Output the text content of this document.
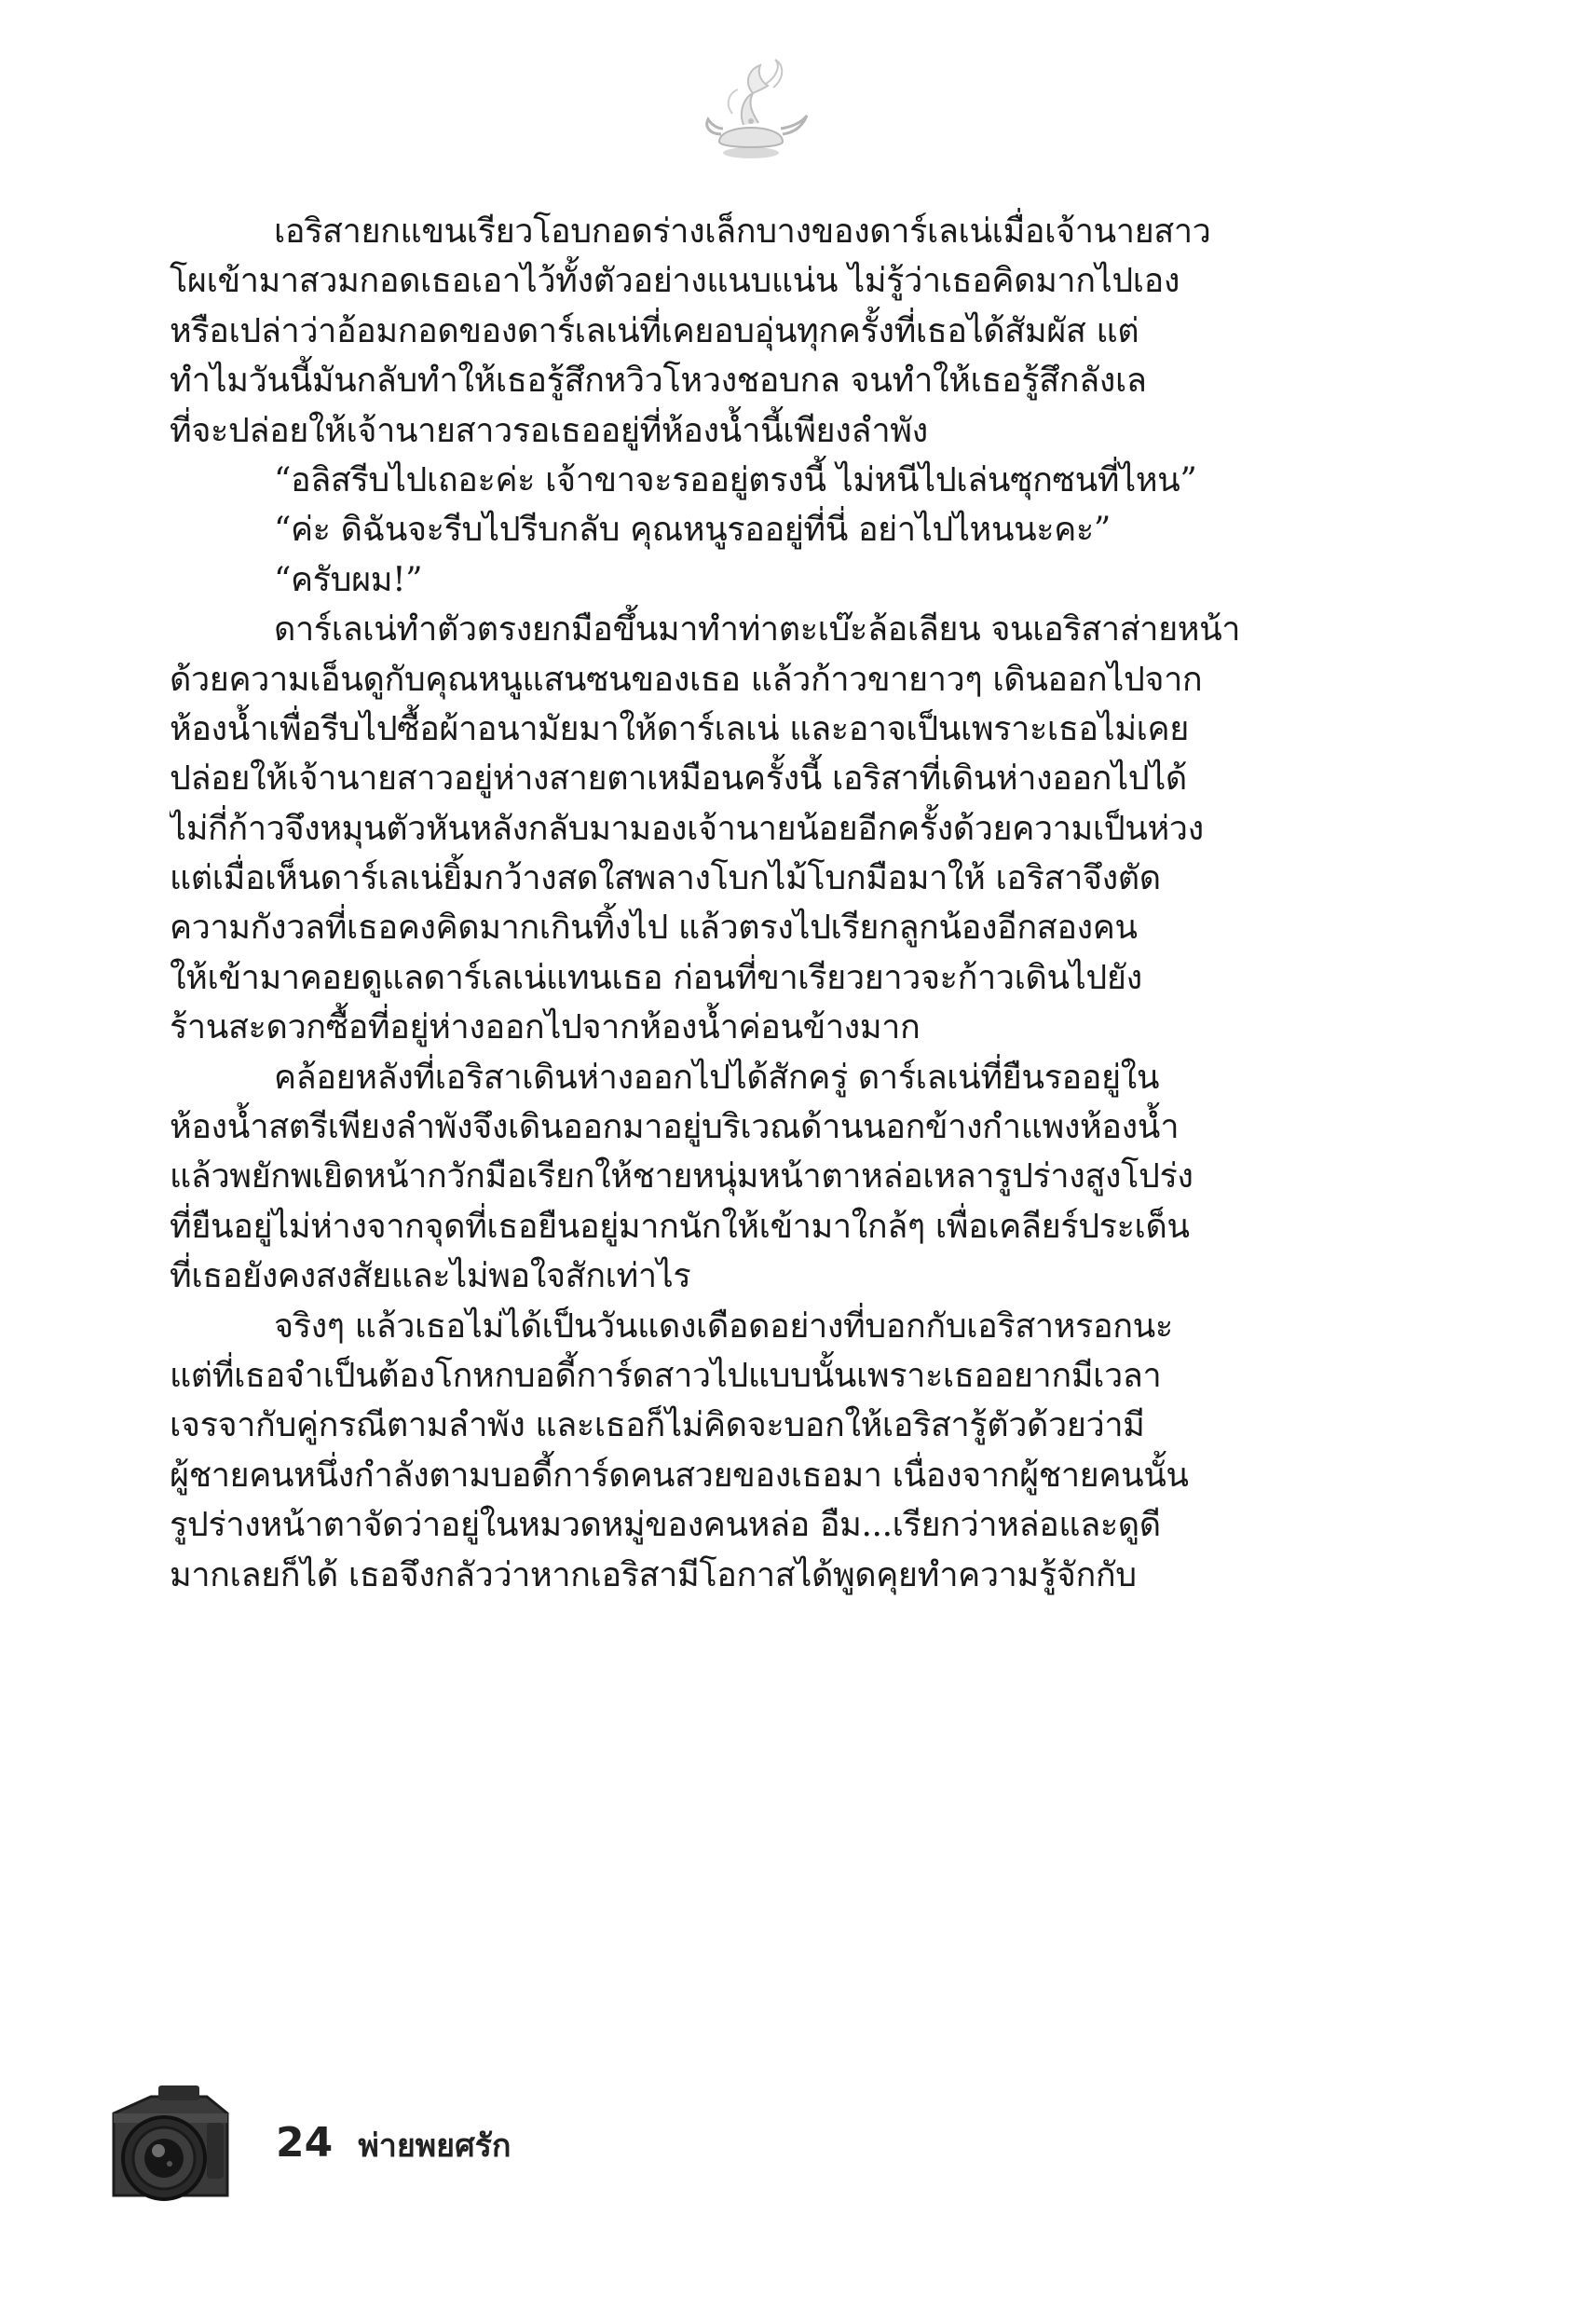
เอริสายกแขนเรียวโอบกอดร่างเล็กบางของดาร์เลเน่เมื่อเจ้านายสาว
โผเข้ามาสวมกอดเธอเอาไว้ทั้งตัวอย่างแนบแน่น ไม่รู้ว่าเธอคิดมากไปเอง
หรือเปล่าว่าอ้อมกอดของดาร์เลเน่ที่เคยอบอุ่นทุกครั้งที่เธอได้สัมผัส แต่
ทำไมวันนี้มันกลับทำให้เธอรู้สึกหวิวโหวงชอบกล จนทำให้เธอรู้สึกลังเล
ที่จะปล่อยให้เจ้านายสาวรอเธออยู่ที่ห้องน้ำนี้เพียงลำพัง
“อลิสรีบไปเถอะค่ะ เจ้าขาจะรออยู่ตรงนี้ ไม่หนีไปเล่นซุกซนที่ไหน”
“ค่ะ ดิฉันจะรีบไปรีบกลับ คุณหนูรออยู่ที่นี่ อย่าไปไหนนะคะ”
“ครับผม!”
ดาร์เลเน่ทำตัวตรงยกมือขึ้นมาทำท่าตะเบ๊ะล้อเลียน จนเอริสาส่ายหน้า
ด้วยความเอ็นดูกับคุณหนูแสนซนของเธอ แล้วก้าวขายาวๆ เดินออกไปจาก
ห้องน้ำเพื่อรีบไปซื้อผ้าอนามัยมาให้ดาร์เลเน่ และอาจเป็นเพราะเธอไม่เคย
ปล่อยให้เจ้านายสาวอยู่ห่างสายตาเหมือนครั้งนี้ เอริสาที่เดินห่างออกไปได้
ไม่กี่ก้าวจึงหมุนตัวหันหลังกลับมามองเจ้านายน้อยอีกครั้งด้วยความเป็นห่วง
แต่เมื่อเห็นดาร์เลเน่ยิ้มกว้างสดใสพลางโบกไม้โบกมือมาให้ เอริสาจึงตัด
ความกังวลที่เธอคงคิดมากเกินทิ้งไป แล้วตรงไปเรียกลูกน้องอีกสองคน
ให้เข้ามาคอยดูแลดาร์เลเน่แทนเธอ ก่อนที่ขาเรียวยาวจะก้าวเดินไปยัง
ร้านสะดวกซื้อที่อยู่ห่างออกไปจากห้องน้ำค่อนข้างมาก
คล้อยหลังที่เอริสาเดินห่างออกไปได้สักครู่ ดาร์เลเน่ที่ยืนรออยู่ใน
ห้องน้ำสตรีเพียงลำพังจึงเดินออกมาอยู่บริเวณด้านนอกข้างกำแพงห้องน้ำ
แล้วพยักพเยิดหน้ากวักมือเรียกให้ชายหนุ่มหน้าตาหล่อเหลารูปร่างสูงโปร่ง
ที่ยืนอยู่ไม่ห่างจากจุดที่เธอยืนอยู่มากนักให้เข้ามาใกล้ๆ เพื่อเคลียร์ประเด็น
ที่เธอยังคงสงสัยและไม่พอใจสักเท่าไร
จริงๆ แล้วเธอไม่ได้เป็นวันแดงเดือดอย่างที่บอกกับเอริสาหรอกนะ
แต่ที่เธอจำเป็นต้องโกหกบอดี้การ์ดสาวไปแบบนั้นเพราะเธออยากมีเวลา
เจรจากับคู่กรณีตามลำพัง และเธอก็ไม่คิดจะบอกให้เอริสารู้ตัวด้วยว่ามี
ผู้ชายคนหนึ่งกำลังตามบอดี้การ์ดคนสวยของเธอมา เนื่องจากผู้ชายคนนั้น
รูปร่างหน้าตาจัดว่าอยู่ในหมวดหมู่ของคนหล่อ อืม...เรียกว่าหล่อและดูดี
มากเลยก็ได้ เธอจึงกลัวว่าหากเอริสามีโอกาสได้พูดคุยทำความรู้จักกับ
24 พ่ายพยศรัก
